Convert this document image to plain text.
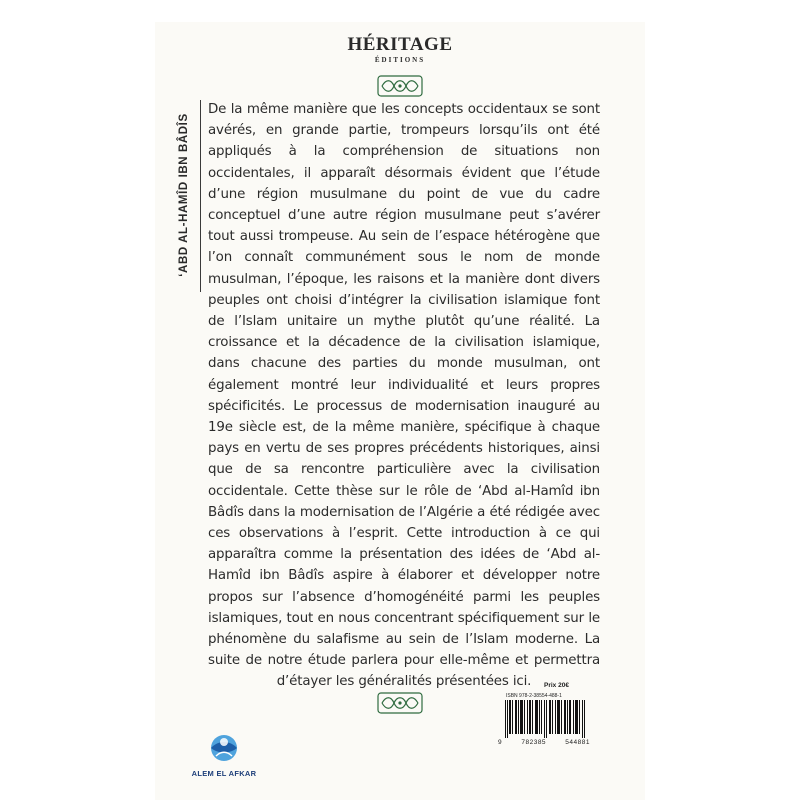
HÉRITAGE
ÉDITIONS
‘ABD AL-HAMÎD IBN BÂDÎS

De la même manière que les concepts occidentaux se sont avérés, en grande partie, trompeurs lorsqu’ils ont été appliqués à la compréhension de situations non occidentales, il apparaît désormais évident que l’étude d’une région musulmane du point de vue du cadre conceptuel d’une autre région musulmane peut s’avérer tout aussi trompeuse. Au sein de l’espace hétérogène que l’on connaît communément sous le nom de monde musulman, l’époque, les raisons et la manière dont divers peuples ont choisi d’intégrer la civilisation islamique font de l’Islam unitaire un mythe plutôt qu’une réalité. La croissance et la décadence de la civilisation islamique, dans chacune des parties du monde musulman, ont également montré leur individualité et leurs propres spécificités. Le processus de modernisation inauguré au 19e siècle est, de la même manière, spécifique à chaque pays en vertu de ses propres précédents historiques, ainsi que de sa rencontre particulière avec la civilisation occidentale. Cette thèse sur le rôle de ‘Abd al-Hamîd ibn Bâdîs dans la modernisation de l’Algérie a été rédigée avec ces observations à l’esprit. Cette introduction à ce qui apparaîtra comme la présentation des idées de ‘Abd al-Hamîd ibn Bâdîs aspire à élaborer et développer notre propos sur l’absence d’homogénéité parmi les peuples islamiques, tout en nous concentrant spécifiquement sur le phénomène du salafisme au sein de l’Islam moderne. La suite de notre étude parlera pour elle-même et permettra d’étayer les généralités présentées ici.

ALEM EL AFKAR
Prix 20€
ISBN 978-2-38554-488-1
9	782385	544881
